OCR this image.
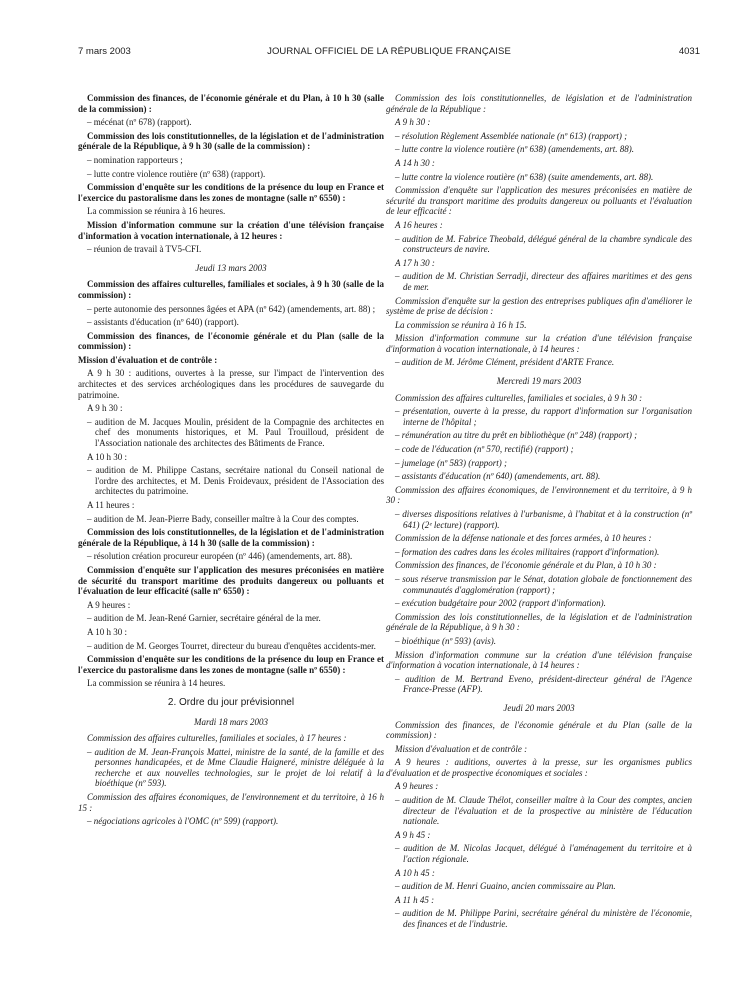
7 mars 2003	JOURNAL OFFICIEL DE LA RÉPUBLIQUE FRANÇAISE	4031

Commission des finances, de l'économie générale et du Plan, à 10 h 30 (salle de la commission) :

– mécénat (nº 678) (rapport).

Commission des lois constitutionnelles, de la législation et de l'administration générale de la République, à 9 h 30 (salle de la commission) :

– nomination rapporteurs ;

– lutte contre violence routière (nº 638) (rapport).

Commission d'enquête sur les conditions de la présence du loup en France et l'exercice du pastoralisme dans les zones de montagne (salle nº 6550) :

La commission se réunira à 16 heures.

Mission d'information commune sur la création d'une télévision française d'information à vocation internationale, à 12 heures :

– réunion de travail à TV5-CFI.

Jeudi 13 mars 2003

Commission des affaires culturelles, familiales et sociales, à 9 h 30 (salle de la commission) :

– perte autonomie des personnes âgées et APA (nº 642) (amendements, art. 88) ;

– assistants d'éducation (nº 640) (rapport).

Commission des finances, de l'économie générale et du Plan (salle de la commission) :

Mission d'évaluation et de contrôle :

A 9 h 30 : auditions, ouvertes à la presse, sur l'impact de l'intervention des architectes et des services archéologiques dans les procédures de sauvegarde du patrimoine.

A 9 h 30 :

– audition de M. Jacques Moulin, président de la Compagnie des architectes en chef des monuments historiques, et M. Paul Trouilloud, président de l'Association nationale des architectes des Bâtiments de France.

A 10 h 30 :

– audition de M. Philippe Castans, secrétaire national du Conseil national de l'ordre des architectes, et M. Denis Froidevaux, président de l'Association des architectes du patrimoine.

A 11 heures :

– audition de M. Jean-Pierre Bady, conseiller maître à la Cour des comptes.

Commission des lois constitutionnelles, de la législation et de l'administration générale de la République, à 14 h 30 (salle de la commission) :

– résolution création procureur européen (nº 446) (amendements, art. 88).

Commission d'enquête sur l'application des mesures préconisées en matière de sécurité du transport maritime des produits dangereux ou polluants et l'évaluation de leur efficacité (salle nº 6550) :

A 9 heures :

– audition de M. Jean-René Garnier, secrétaire général de la mer.

A 10 h 30 :

– audition de M. Georges Tourret, directeur du bureau d'enquêtes accidents-mer.

Commission d'enquête sur les conditions de la présence du loup en France et l'exercice du pastoralisme dans les zones de montagne (salle nº 6550) :

La commission se réunira à 14 heures.

2. Ordre du jour prévisionnel

Mardi 18 mars 2003

Commission des affaires culturelles, familiales et sociales, à 17 heures :

– audition de M. Jean-François Mattei, ministre de la santé, de la famille et des personnes handicapées, et de Mme Claudie Haigneré, ministre déléguée à la recherche et aux nouvelles technologies, sur le projet de loi relatif à la bioéthique (nº 593).

Commission des affaires économiques, de l'environnement et du territoire, à 16 h 15 :

– négociations agricoles à l'OMC (nº 599) (rapport).

Commission des lois constitutionnelles, de législation et de l'administration générale de la République :

A 9 h 30 :

– résolution Règlement Assemblée nationale (nº 613) (rapport) ;

– lutte contre la violence routière (nº 638) (amendements, art. 88).

A 14 h 30 :

– lutte contre la violence routière (nº 638) (suite amendements, art. 88).

Commission d'enquête sur l'application des mesures préconisées en matière de sécurité du transport maritime des produits dangereux ou polluants et l'évaluation de leur efficacité :

A 16 heures :

– audition de M. Fabrice Theobald, délégué général de la chambre syndicale des constructeurs de navire.

A 17 h 30 :

– audition de M. Christian Serradji, directeur des affaires maritimes et des gens de mer.

Commission d'enquête sur la gestion des entreprises publiques afin d'améliorer le système de prise de décision :

La commission se réunira à 16 h 15.

Mission d'information commune sur la création d'une télévision française d'information à vocation internationale, à 14 heures :

– audition de M. Jérôme Clément, président d'ARTE France.

Mercredi 19 mars 2003

Commission des affaires culturelles, familiales et sociales, à 9 h 30 :

– présentation, ouverte à la presse, du rapport d'information sur l'organisation interne de l'hôpital ;

– rémunération au titre du prêt en bibliothèque (nº 248) (rapport) ;

– code de l'éducation (nº 570, rectifié) (rapport) ;

– jumelage (nº 583) (rapport) ;

– assistants d'éducation (nº 640) (amendements, art. 88).

Commission des affaires économiques, de l'environnement et du territoire, à 9 h 30 :

– diverses dispositions relatives à l'urbanisme, à l'habitat et à la construction (nº 641) (2ᵉ lecture) (rapport).

Commission de la défense nationale et des forces armées, à 10 heures :

– formation des cadres dans les écoles militaires (rapport d'information).

Commission des finances, de l'économie générale et du Plan, à 10 h 30 :

– sous réserve transmission par le Sénat, dotation globale de fonctionnement des communautés d'agglomération (rapport) ;

– exécution budgétaire pour 2002 (rapport d'information).

Commission des lois constitutionnelles, de la législation et de l'administration générale de la République, à 9 h 30 :

– bioéthique (nº 593) (avis).

Mission d'information commune sur la création d'une télévision française d'information à vocation internationale, à 14 heures :

– audition de M. Bertrand Eveno, président-directeur général de l'Agence France-Presse (AFP).

Jeudi 20 mars 2003

Commission des finances, de l'économie générale et du Plan (salle de la commission) :

Mission d'évaluation et de contrôle :

A 9 heures : auditions, ouvertes à la presse, sur les organismes publics d'évaluation et de prospective économiques et sociales :

A 9 heures :

– audition de M. Claude Thélot, conseiller maître à la Cour des comptes, ancien directeur de l'évaluation et de la prospective au ministère de l'éducation nationale.

A 9 h 45 :

– audition de M. Nicolas Jacquet, délégué à l'aménagement du territoire et à l'action régionale.

A 10 h 45 :

– audition de M. Henri Guaino, ancien commissaire au Plan.

A 11 h 45 :

– audition de M. Philippe Parini, secrétaire général du ministère de l'économie, des finances et de l'industrie.
